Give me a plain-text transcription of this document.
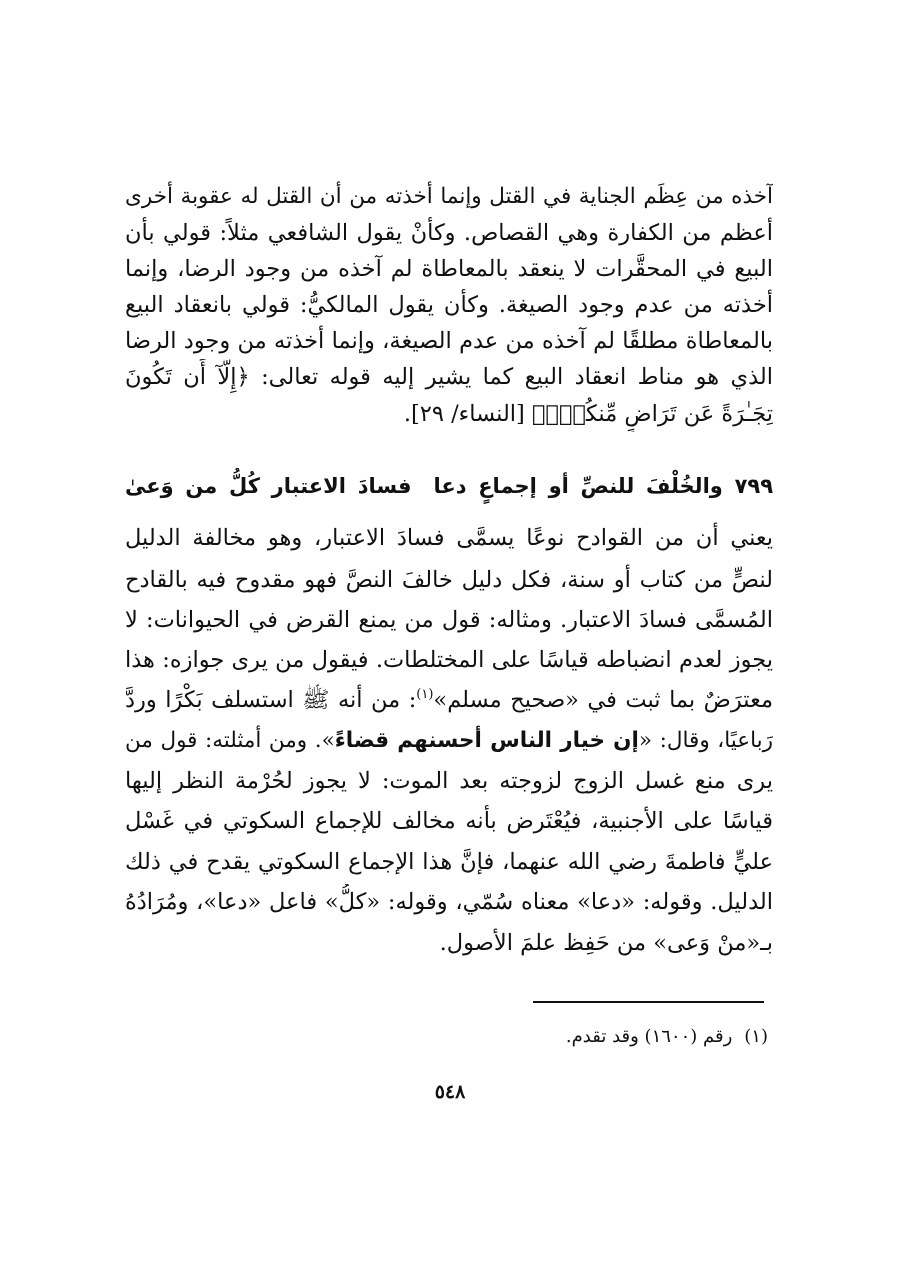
آخذه من عِظَم الجناية في القتل وإنما أخذته من أن القتل له عقوبة أخرى
أعظم من الكفارة وهي القصاص. وكأنْ يقول الشافعي مثلاً: قولي بأن
البيع في المحقَّرات لا ينعقد بالمعاطاة لم آخذه من وجود الرضا، وإنما
أخذته من عدم وجود الصيغة. وكأن يقول المالكيُّ: قولي بانعقاد البيع
بالمعاطاة مطلقًا لم آخذه من عدم الصيغة، وإنما أخذته من وجود الرضا
الذي هو مناط انعقاد البيع كما يشير إليه قوله تعالى: ﴿إِلَّآ أَن تَكُونَ
تِجَـٰرَةً عَن تَرَاضٍ مِّنكُمْۚ﴾ [النساء/ ٢٩].
٧٩٩ والخُلْفَ للنصِّ أو إجماعٍ دعافسادَ الاعتبار كُلُّ من وَعىٰ
يعني أن من القوادح نوعًا يسمَّى فسادَ الاعتبار، وهو مخالفة الدليل
لنصٍّ من كتاب أو سنة، فكل دليل خالفَ النصَّ فهو مقدوح فيه بالقادح
المُسمَّى فسادَ الاعتبار. ومثاله: قول من يمنع القرض في الحيوانات: لا
يجوز لعدم انضباطه قياسًا على المختلطات. فيقول من يرى جوازه: هذا
معترَضٌ بما ثبت في «صحيح مسلم»$^{(١)}$: من أنه ﷺ استسلف بَكْرًا وردَّ
رَباعيًا، وقال: «إن خيار الناس أحسنهم قضاءً». ومن أمثلته: قول من
يرى منع غسل الزوج لزوجته بعد الموت: لا يجوز لحُرْمة النظر إليها
قياسًا على الأجنبية، فيُعْتَرض بأنه مخالف للإجماع السكوتي في غَسْل
عليٍّ فاطمةَ رضي الله عنهما، فإنَّ هذا الإجماع السكوتي يقدح في ذلك
الدليل. وقوله: «دعا» معناه سُمّي، وقوله: «كلُّ» فاعل «دعا»، ومُرَادُهُ
بـ«منْ وَعى» من حَفِظ علمَ الأصول.
(١)رقم (١٦٠٠) وقد تقدم.
٥٤٨
